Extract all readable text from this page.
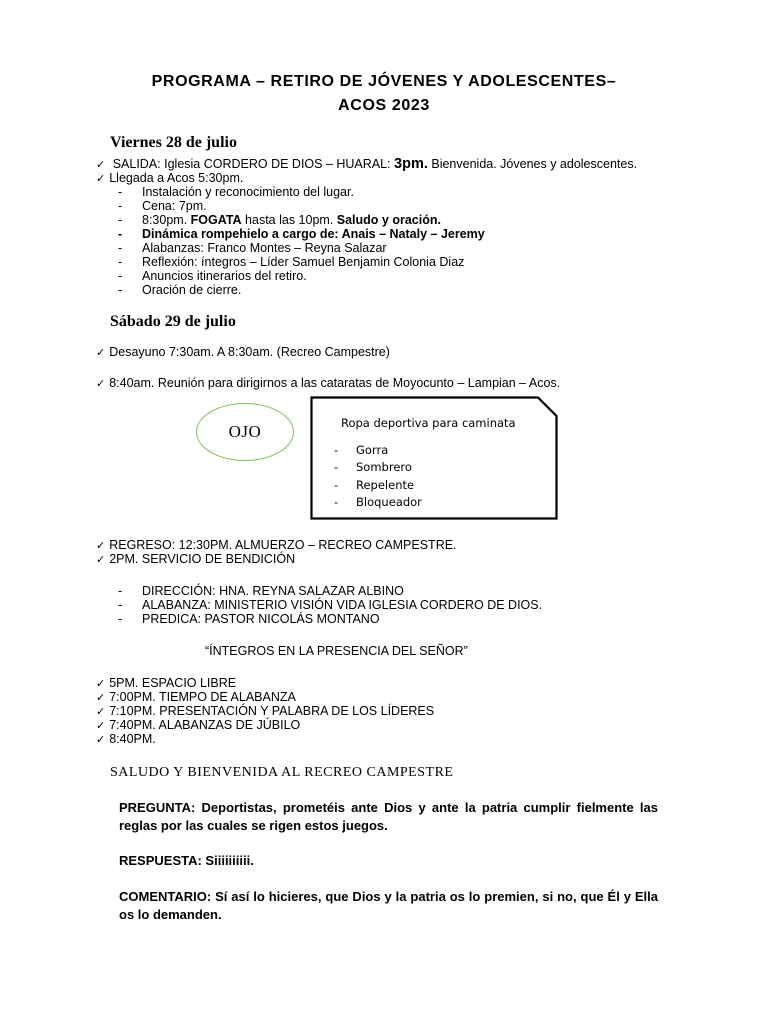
PROGRAMA – RETIRO DE JÓVENES Y ADOLESCENTES–
ACOS 2023
Viernes 28 de julio
✓ SALIDA: Iglesia CORDERO DE DIOS – HUARAL: 3pm. Bienvenida. Jóvenes y adolescentes.
✓ Llegada a Acos 5:30pm.
- Instalación y reconocimiento del lugar.
- Cena: 7pm.
- 8:30pm. FOGATA hasta las 10pm. Saludo y oración.
- Dinámica rompehielo a cargo de: Anais – Nataly – Jeremy
- Alabanzas: Franco Montes – Reyna Salazar
- Reflexión: íntegros – Líder Samuel Benjamin Colonia Diaz
- Anuncios itinerarios del retiro.
- Oración de cierre.
Sábado 29 de julio
✓ Desayuno 7:30am. A 8:30am. (Recreo Campestre)
✓ 8:40am. Reunión para dirigirnos a las cataratas de Moyocunto – Lampian – Acos.
OJO	Ropa deportiva para caminata
- Gorra
- Sombrero
- Repelente
- Bloqueador
✓ REGRESO: 12:30PM. ALMUERZO – RECREO CAMPESTRE.
✓ 2PM. SERVICIO DE BENDICIÓN
- DIRECCIÓN: HNA. REYNA SALAZAR ALBINO
- ALABANZA: MINISTERIO VISIÓN VIDA IGLESIA CORDERO DE DIOS.
- PREDICA: PASTOR NICOLÁS MONTANO
“ÍNTEGROS EN LA PRESENCIA DEL SEÑOR”
✓ 5PM. ESPACIO LIBRE
✓ 7:00PM. TIEMPO DE ALABANZA
✓ 7:10PM. PRESENTACIÓN Y PALABRA DE LOS LÍDERES
✓ 7:40PM. ALABANZAS DE JÚBILO
✓ 8:40PM.
SALUDO Y BIENVENIDA AL RECREO CAMPESTRE
PREGUNTA: Deportistas, prometéis ante Dios y ante la patria cumplir fielmente las reglas por las cuales se rigen estos juegos.
RESPUESTA: Siiiiiiiiii.
COMENTARIO: Sí así lo hicieres, que Dios y la patria os lo premien, si no, que Él y Ella os lo demanden.
